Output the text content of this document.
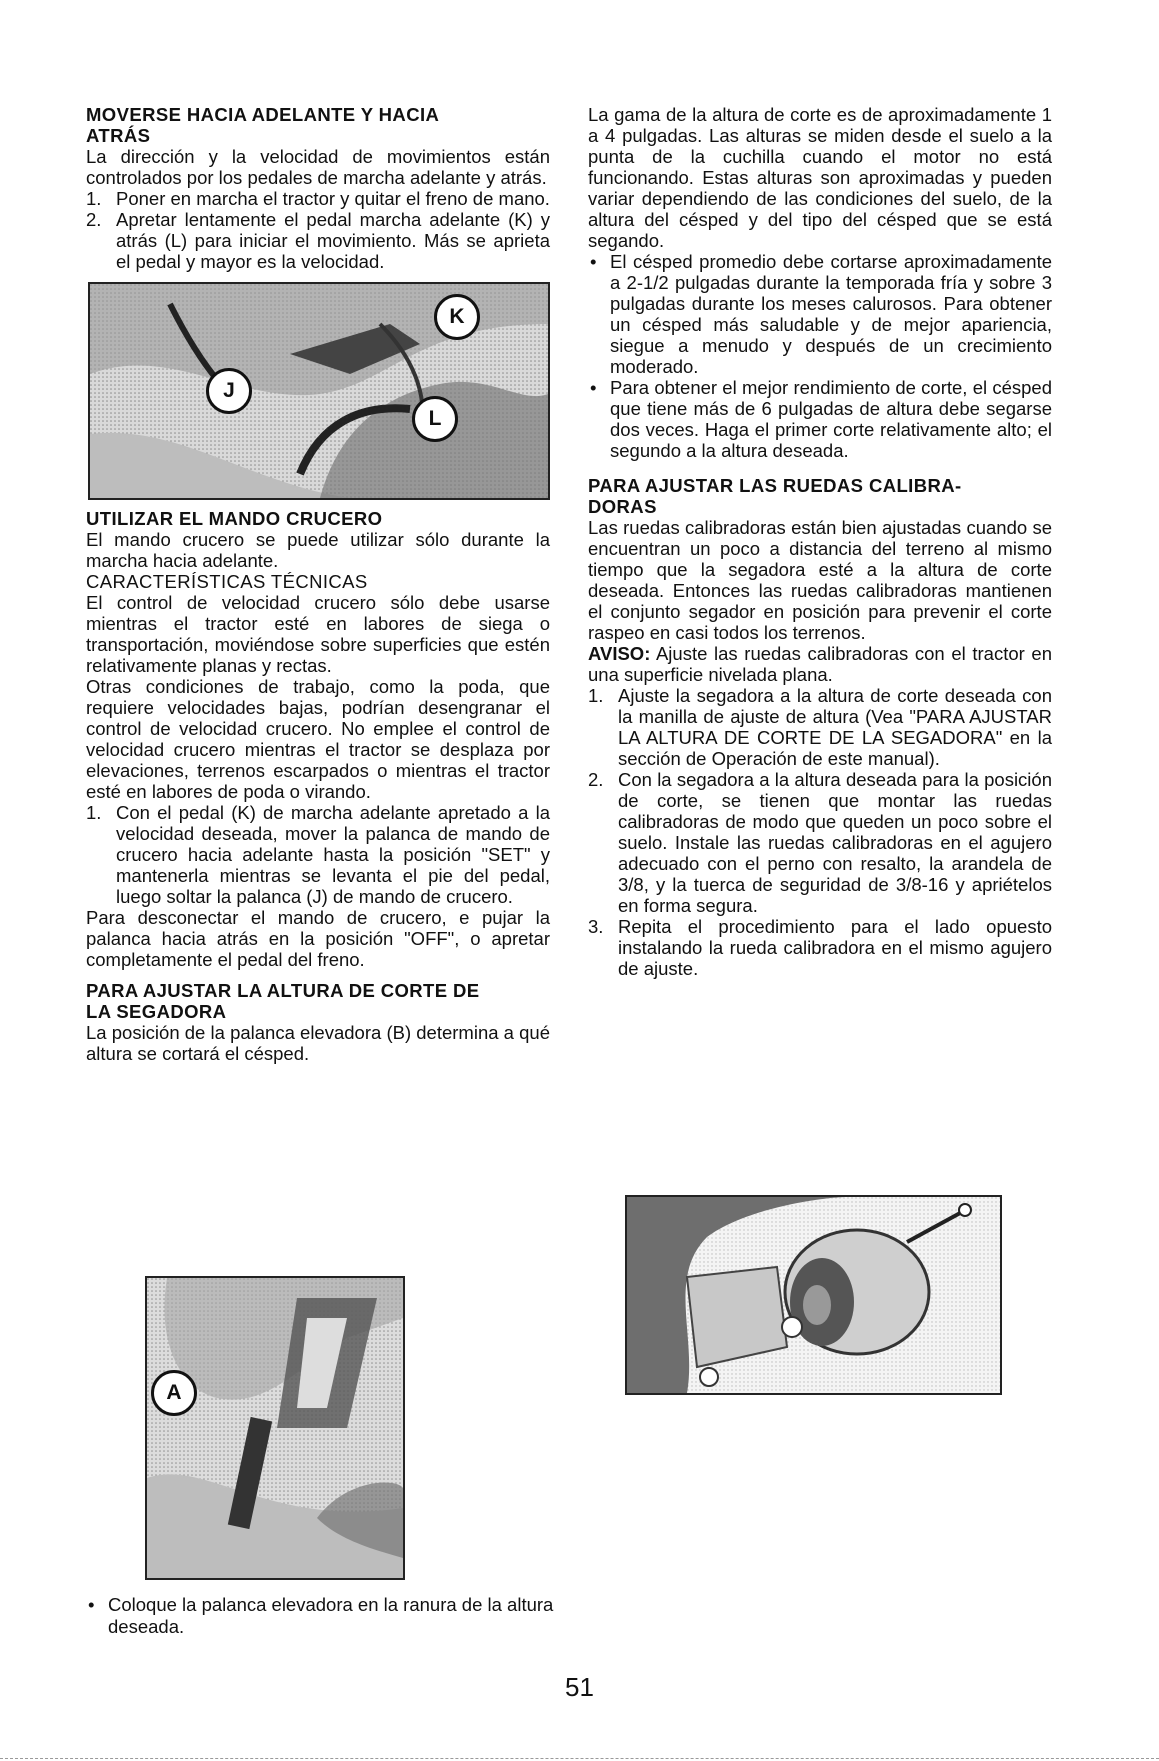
MOVERSE HACIA ADELANTE Y HACIA
ATRÁS

La dirección y la velocidad de movimientos están controlados por los pedales de marcha adelante y atrás.

1. Poner en marcha el tractor y quitar el freno de mano.
2. Apretar lentamente el pedal marcha adelante (K) y atrás (L) para iniciar el movimiento. Más se aprieta el pedal y mayor es la velocidad.
K
J
L
UTILIZAR EL MANDO CRUCERO

El mando crucero se puede utilizar sólo durante la marcha hacia adelante.

CARACTERÍSTICAS TÉCNICAS

El control de velocidad crucero sólo debe usarse mientras el tractor esté en labores de siega o transportación, moviéndose sobre superficies que estén relativamente planas y rectas.

Otras condiciones de trabajo, como la poda, que requiere velocidades bajas, podrían desengranar el control de velocidad crucero. No emplee el control de velocidad crucero mientras el tractor se desplaza por elevaciones, terrenos escarpados o mientras el tractor esté en labores de poda o virando.

1. Con el pedal (K) de marcha adelante apretado a la velocidad deseada, mover la palanca de mando de crucero hacia adelante hasta la posición "SET" y mantenerla mientras se levanta el pie del pedal, luego soltar la palanca (J) de mando de crucero.

Para desconectar el mando de crucero, e pujar la palanca hacia atrás en la posición "OFF", o apretar completamente el pedal del freno.

PARA AJUSTAR LA ALTURA DE CORTE DE
LA SEGADORA

La posición de la palanca elevadora (B) determina a qué altura se cortará el césped.

A
• Coloque la palanca elevadora en la ranura de la altura deseada.

La gama de la altura de corte es de aproximadamente 1 a 4 pulgadas. Las alturas se miden desde el suelo a la punta de la cuchilla cuando el motor no está funcionando. Estas alturas son aproximadas y pueden variar dependiendo de las condiciones del suelo, de la altura del césped y del tipo del césped que se está segando.

• El césped promedio debe cortarse aproximadamente a 2-1/2 pulgadas durante la temporada fría y sobre 3 pulgadas durante los meses calurosos. Para obtener un césped más saludable y de mejor apariencia, siegue a menudo y después de un crecimiento moderado.
• Para obtener el mejor rendimiento de corte, el césped que tiene más de 6 pulgadas de altura debe segarse dos veces. Haga el primer corte relativamente alto; el segundo a la altura deseada.
PARA AJUSTAR LAS RUEDAS CALIBRA-
DORAS

Las ruedas calibradoras están bien ajustadas cuando se encuentran un poco a distancia del terreno al mismo tiempo que la segadora esté a la altura de corte deseada. Entonces las ruedas calibradoras mantienen el conjunto segador en posición para prevenir el corte raspeo en casi todos los terrenos.

AVISO: Ajuste las ruedas calibradoras con el tractor en una superficie nivelada plana.

1. Ajuste la segadora a la altura de corte deseada con la manilla de ajuste de altura (Vea "PARA AJUSTAR LA ALTURA DE CORTE DE LA SEGADORA" en la sección de Operación de este manual).
2. Con la segadora a la altura deseada para la posición de corte, se tienen que montar las ruedas calibradoras de modo que queden un poco sobre el suelo. Instale las ruedas calibradoras en el agujero adecuado con el perno con resalto, la arandela de 3/8, y la tuerca de seguridad de 3/8-16 y apriételos en forma segura.
3. Repita el procedimiento para el lado opuesto instalando la rueda calibradora en el mismo agujero de ajuste.
51
